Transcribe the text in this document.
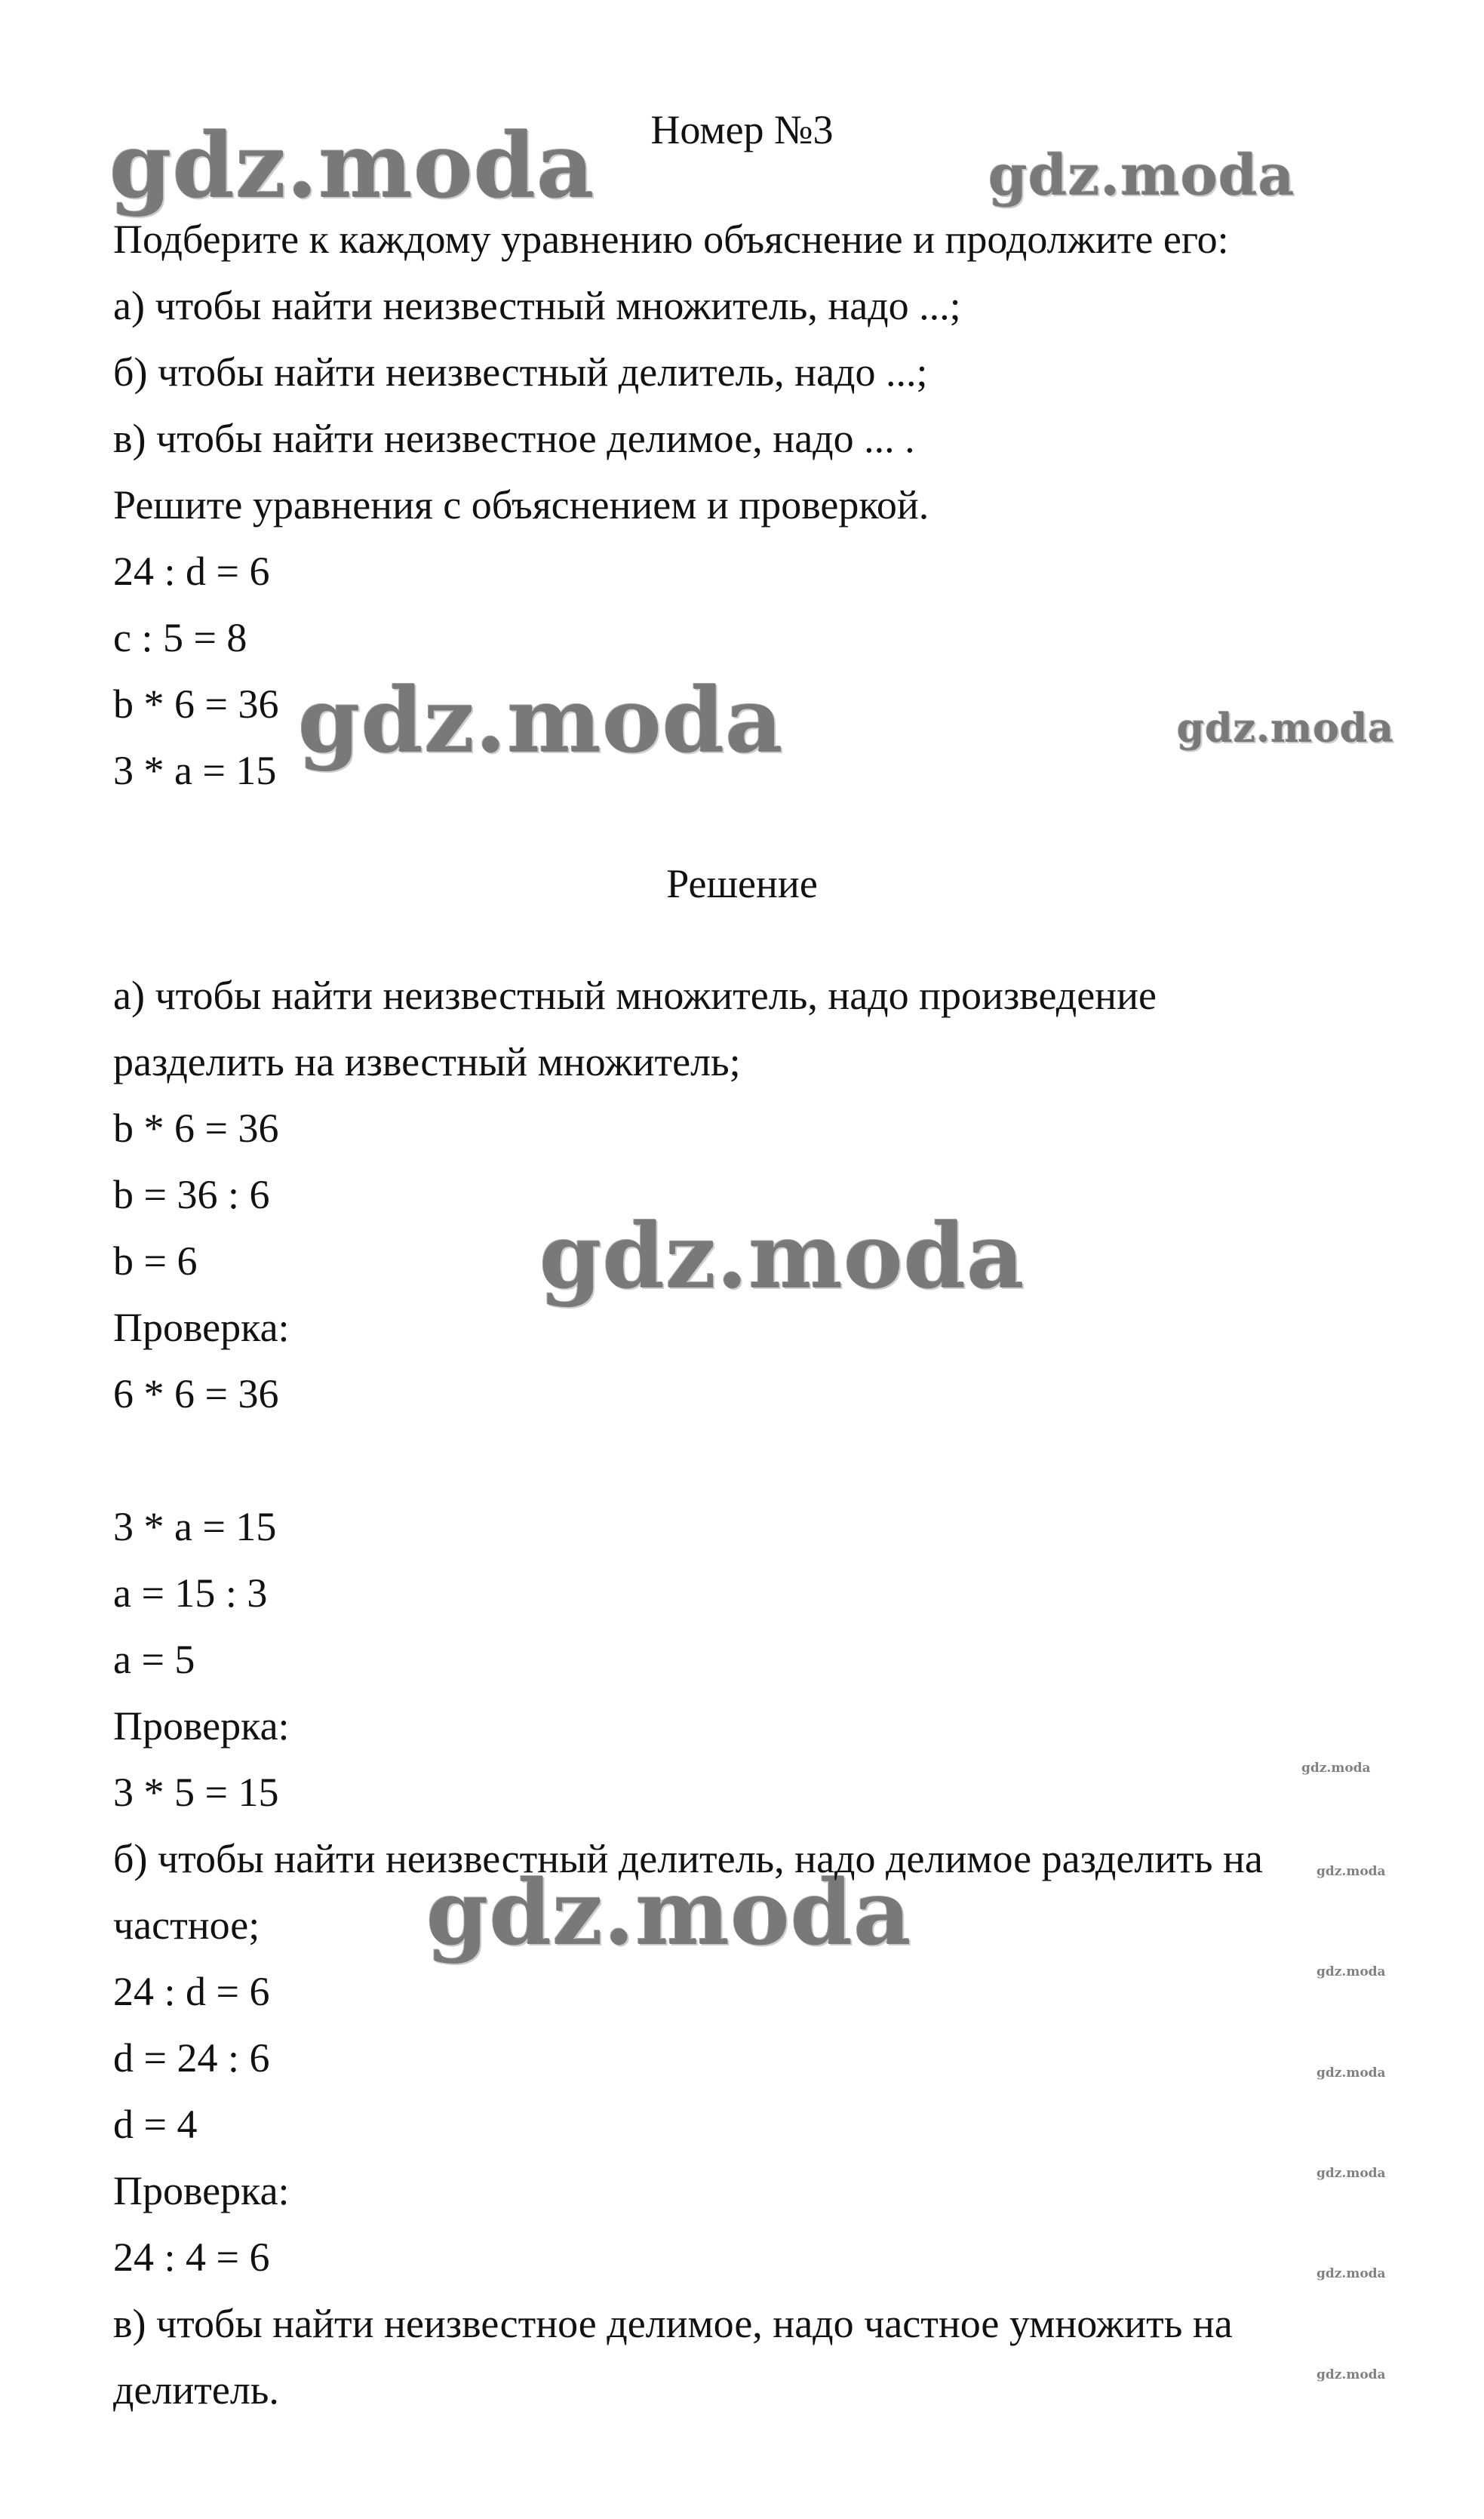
gdz.moda	gdz.moda
gdz.moda	gdz.moda
gdz.moda
gdz.moda
gdz.moda
gdz.moda
gdz.moda
gdz.moda
gdz.moda
gdz.moda
gdz.moda
Номер №3
Подберите к каждому уравнению объяснение и продолжите его:
а) чтобы найти неизвестный множитель, надо ...;
б) чтобы найти неизвестный делитель, надо ...;
в) чтобы найти неизвестное делимое, надо ... .
Решите уравнения с объяснением и проверкой.
24 : d = 6
c : 5 = 8
b * 6 = 36
3 * a = 15
Решение
а) чтобы найти неизвестный множитель, надо произведение
разделить на известный множитель;
b * 6 = 36
b = 36 : 6
b = 6
Проверка:
6 * 6 = 36
3 * a = 15
a = 15 : 3
a = 5
Проверка:
3 * 5 = 15
б) чтобы найти неизвестный делитель, надо делимое разделить на
частное;
24 : d = 6
d = 24 : 6
d = 4
Проверка:
24 : 4 = 6
в) чтобы найти неизвестное делимое, надо частное умножить на
делитель.
